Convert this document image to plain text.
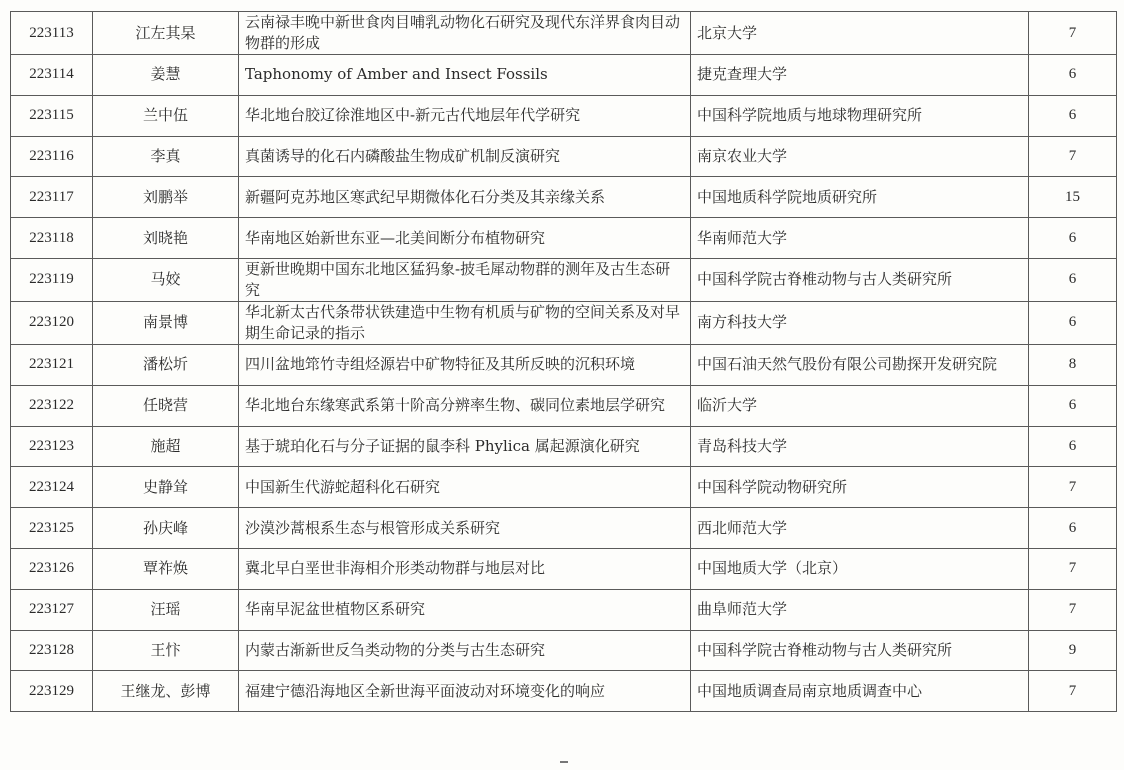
223113	江左其杲	云南禄丰晚中新世食肉目哺乳动物化石研究及现代东洋界食肉目动物群的形成	北京大学	7
223114	姜慧	Taphonomy of Amber and Insect Fossils	捷克查理大学	6
223115	兰中伍	华北地台胶辽徐淮地区中-新元古代地层年代学研究	中国科学院地质与地球物理研究所	6
223116	李真	真菌诱导的化石内磷酸盐生物成矿机制反演研究	南京农业大学	7
223117	刘鹏举	新疆阿克苏地区寒武纪早期微体化石分类及其亲缘关系	中国地质科学院地质研究所	15
223118	刘晓艳	华南地区始新世东亚—北美间断分布植物研究	华南师范大学	6
223119	马姣	更新世晚期中国东北地区猛犸象-披毛犀动物群的测年及古生态研究	中国科学院古脊椎动物与古人类研究所	6
223120	南景博	华北新太古代条带状铁建造中生物有机质与矿物的空间关系及对早期生命记录的指示	南方科技大学	6
223121	潘松圻	四川盆地筇竹寺组烃源岩中矿物特征及其所反映的沉积环境	中国石油天然气股份有限公司勘探开发研究院	8
223122	任晓营	华北地台东缘寒武系第十阶高分辨率生物、碳同位素地层学研究	临沂大学	6
223123	施超	基于琥珀化石与分子证据的鼠李科 Phylica 属起源演化研究	青岛科技大学	6
223124	史静耸	中国新生代游蛇超科化石研究	中国科学院动物研究所	7
223125	孙庆峰	沙漠沙蒿根系生态与根管形成关系研究	西北师范大学	6
223126	覃祚焕	冀北早白垩世非海相介形类动物群与地层对比	中国地质大学（北京）	7
223127	汪瑶	华南早泥盆世植物区系研究	曲阜师范大学	7
223128	王忭	内蒙古渐新世反刍类动物的分类与古生态研究	中国科学院古脊椎动物与古人类研究所	9
223129	王继龙、彭博	福建宁德沿海地区全新世海平面波动对环境变化的响应	中国地质调查局南京地质调查中心	7
